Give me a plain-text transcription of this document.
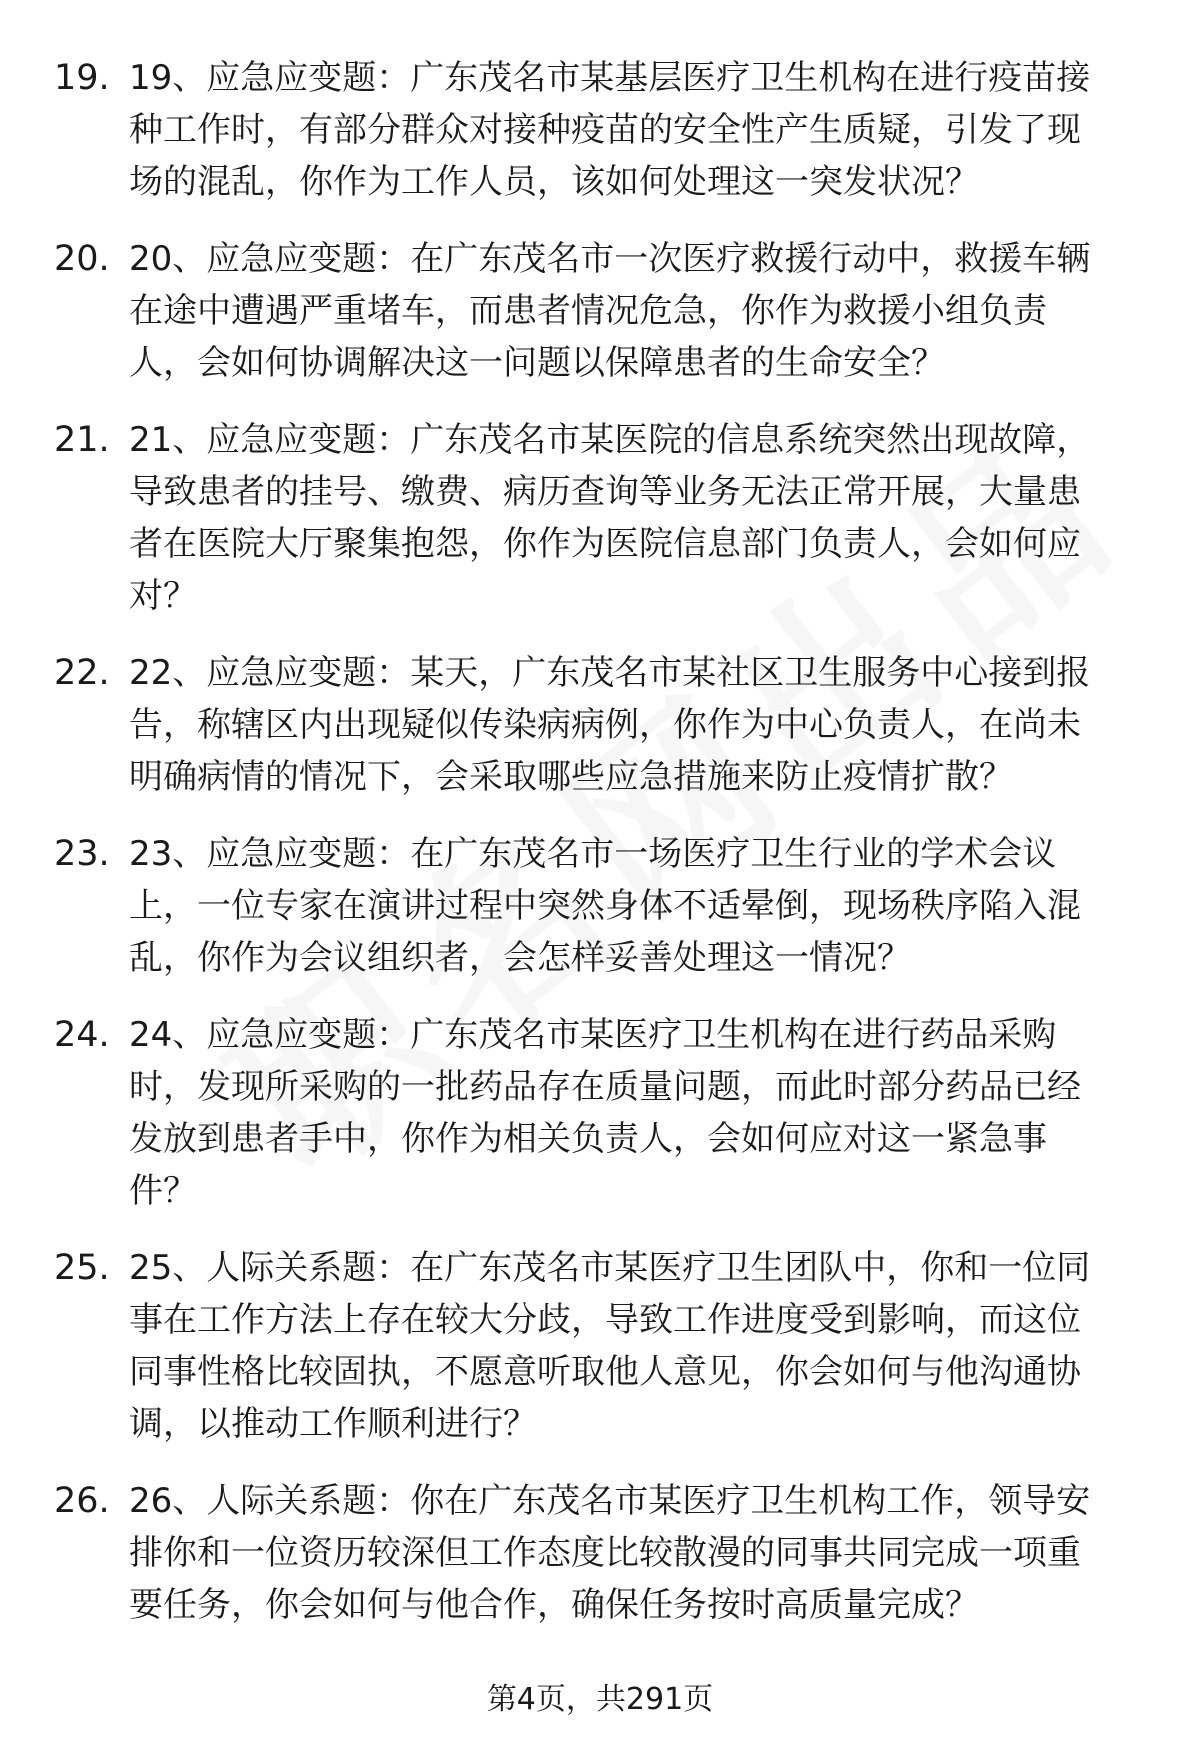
19. 19、应急应变题：广东茂名市某基层医疗卫生机构在进行疫苗接
种工作时，有部分群众对接种疫苗的安全性产生质疑，引发了现
场的混乱，你作为工作人员，该如何处理这一突发状况？
20. 20、应急应变题：在广东茂名市一次医疗救援行动中，救援车辆
在途中遭遇严重堵车，而患者情况危急，你作为救援小组负责
人，会如何协调解决这一问题以保障患者的生命安全？
21. 21、应急应变题：广东茂名市某医院的信息系统突然出现故障，
导致患者的挂号、缴费、病历查询等业务无法正常开展，大量患
者在医院大厅聚集抱怨，你作为医院信息部门负责人，会如何应
对？
22. 22、应急应变题：某天，广东茂名市某社区卫生服务中心接到报
告，称辖区内出现疑似传染病病例，你作为中心负责人，在尚未
明确病情的情况下，会采取哪些应急措施来防止疫情扩散？
23. 23、应急应变题：在广东茂名市一场医疗卫生行业的学术会议
上，一位专家在演讲过程中突然身体不适晕倒，现场秩序陷入混
乱，你作为会议组织者，会怎样妥善处理这一情况？
24. 24、应急应变题：广东茂名市某医疗卫生机构在进行药品采购
时，发现所采购的一批药品存在质量问题，而此时部分药品已经
发放到患者手中，你作为相关负责人，会如何应对这一紧急事
件？
25. 25、人际关系题：在广东茂名市某医疗卫生团队中，你和一位同
事在工作方法上存在较大分歧，导致工作进度受到影响，而这位
同事性格比较固执，不愿意听取他人意见，你会如何与他沟通协
调，以推动工作顺利进行？
26. 26、人际关系题：你在广东茂名市某医疗卫生机构工作，领导安
排你和一位资历较深但工作态度比较散漫的同事共同完成一项重
要任务，你会如何与他合作，确保任务按时高质量完成？
第4页，共291页
